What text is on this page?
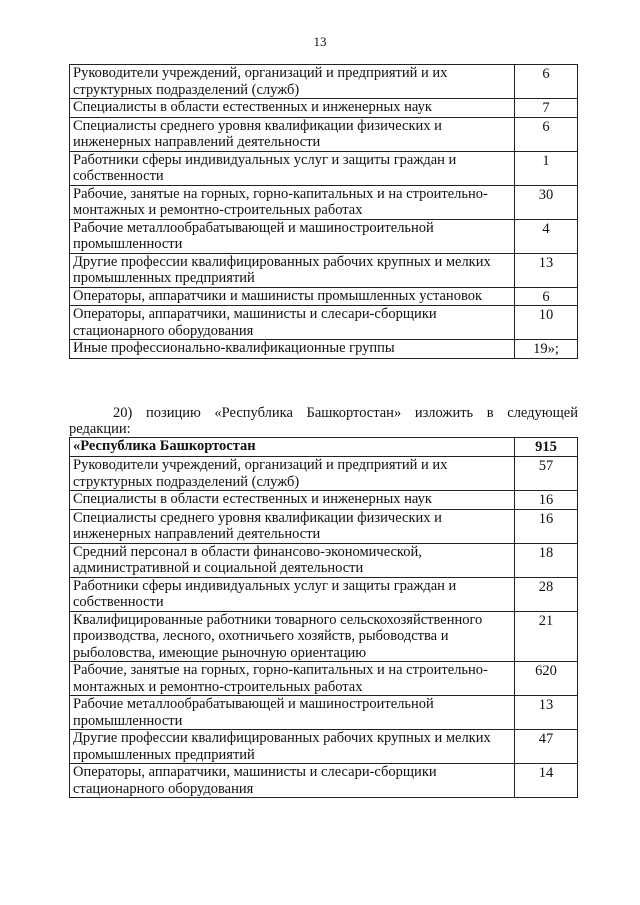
13
Руководители учреждений, организаций и предприятий и их структурных подразделений (служб)	6
Специалисты в области естественных и инженерных наук	7
Специалисты среднего уровня квалификации физических и инженерных направлений деятельности	6
Работники сферы индивидуальных услуг и защиты граждан и собственности	1
Рабочие, занятые на горных, горно-капитальных и на строительно-монтажных и ремонтно-строительных работах	30
Рабочие металлообрабатывающей и машиностроительной промышленности	4
Другие профессии квалифицированных рабочих крупных и мелких промышленных предприятий	13
Операторы, аппаратчики и машинисты промышленных установок	6
Операторы, аппаратчики, машинисты и слесари-сборщики стационарного оборудования	10
Иные профессионально-квалификационные группы	19»;
20) позицию «Республика Башкортостан» изложить в следующей редакции:
«Республика Башкортостан	915
Руководители учреждений, организаций и предприятий и их структурных подразделений (служб)	57
Специалисты в области естественных и инженерных наук	16
Специалисты среднего уровня квалификации физических и инженерных направлений деятельности	16
Средний персонал в области финансово-экономической, административной и социальной деятельности	18
Работники сферы индивидуальных услуг и защиты граждан и собственности	28
Квалифицированные работники товарного сельскохозяйственного производства, лесного, охотничьего хозяйств, рыбоводства и рыболовства, имеющие рыночную ориентацию	21
Рабочие, занятые на горных, горно-капитальных и на строительно-монтажных и ремонтно-строительных работах	620
Рабочие металлообрабатывающей и машиностроительной промышленности	13
Другие профессии квалифицированных рабочих крупных и мелких промышленных предприятий	47
Операторы, аппаратчики, машинисты и слесари-сборщики стационарного оборудования	14
